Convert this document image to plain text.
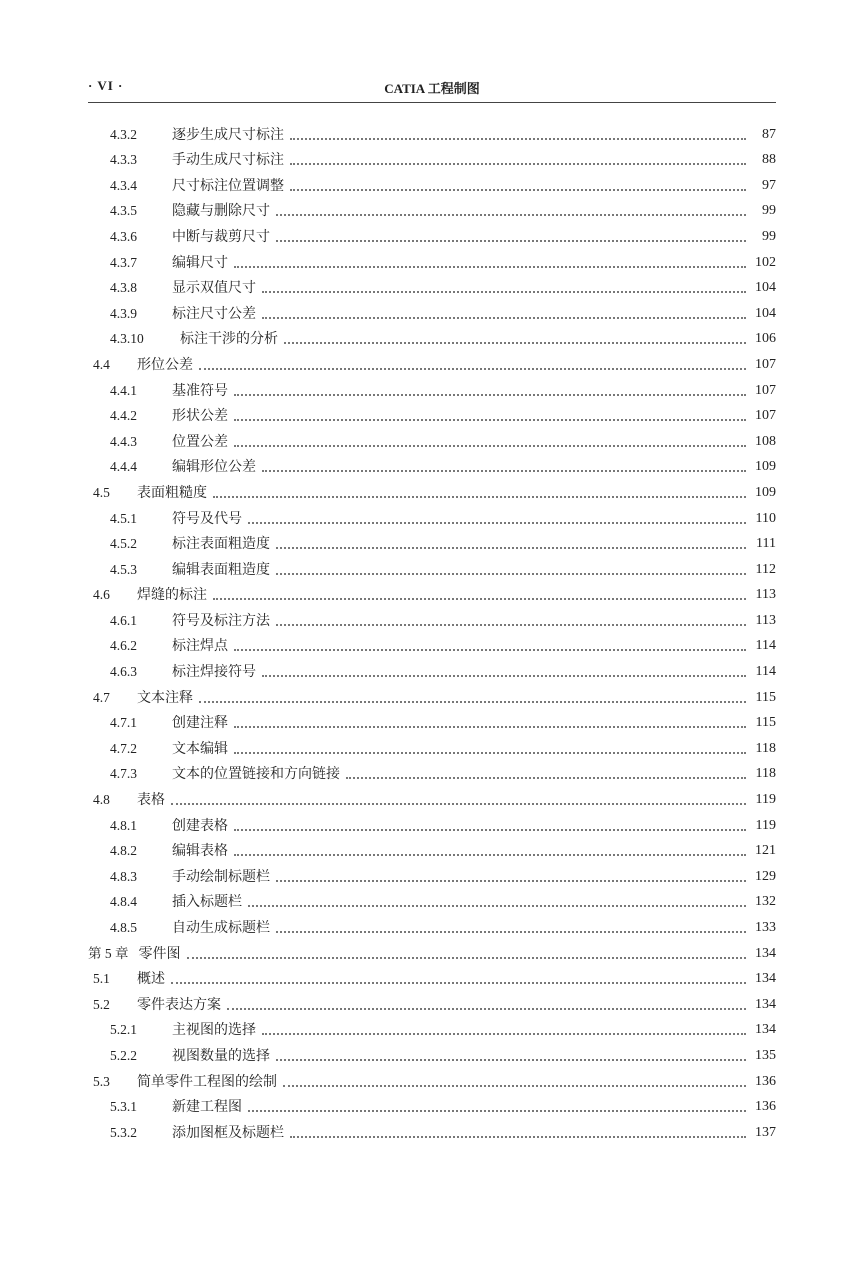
· VI ·	CATIA 工程制图
4.3.2	逐步生成尺寸标注	87
4.3.3	手动生成尺寸标注	88
4.3.4	尺寸标注位置调整	97
4.3.5	隐藏与删除尺寸	99
4.3.6	中断与裁剪尺寸	99
4.3.7	编辑尺寸	102
4.3.8	显示双值尺寸	104
4.3.9	标注尺寸公差	104
4.3.10	标注干涉的分析	106
4.4	形位公差	107
4.4.1	基准符号	107
4.4.2	形状公差	107
4.4.3	位置公差	108
4.4.4	编辑形位公差	109
4.5	表面粗糙度	109
4.5.1	符号及代号	110
4.5.2	标注表面粗造度	111
4.5.3	编辑表面粗造度	112
4.6	焊缝的标注	113
4.6.1	符号及标注方法	113
4.6.2	标注焊点	114
4.6.3	标注焊接符号	114
4.7	文本注释	115
4.7.1	创建注释	115
4.7.2	文本编辑	118
4.7.3	文本的位置链接和方向链接	118
4.8	表格	119
4.8.1	创建表格	119
4.8.2	编辑表格	121
4.8.3	手动绘制标题栏	129
4.8.4	插入标题栏	132
4.8.5	自动生成标题栏	133
第 5 章 零件图	134
5.1	概述	134
5.2	零件表达方案	134
5.2.1	主视图的选择	134
5.2.2	视图数量的选择	135
5.3	简单零件工程图的绘制	136
5.3.1	新建工程图	136
5.3.2	添加图框及标题栏	137
